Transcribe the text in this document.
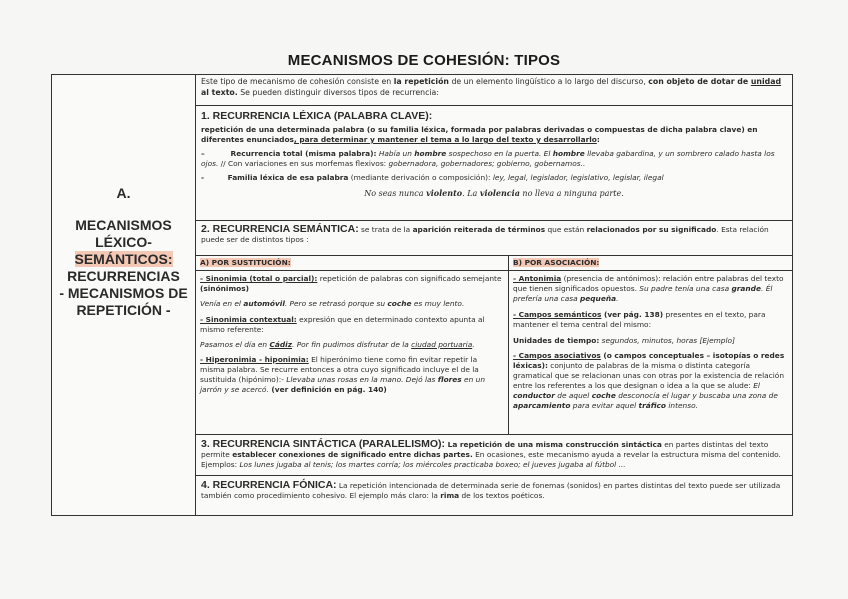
MECANISMOS DE COHESIÓN: TIPOS
A.
MECANISMOS
LÉXICO-
SEMÁNTICOS:
RECURRENCIAS
- MECANISMOS DE
REPETICIÓN -
Este tipo de mecanismo de cohesión consiste en la repetición de un elemento lingüístico a lo largo del discurso, con objeto de dotar de unidad al texto. Se pueden distinguir diversos tipos de recurrencia:
1. RECURRENCIA LÉXICA (PALABRA CLAVE):

repetición de una determinada palabra (o su familia léxica, formada por palabras derivadas o compuestas de dicha palabra clave) en diferentes enunciados, para determinar y mantener el tema a lo largo del texto y desarrollarlo:

–	Recurrencia total (misma palabra): Había un hombre sospechoso en la puerta. El hombre llevaba gabardina, y un sombrero calado hasta los ojos. // Con variaciones en sus morfemas flexivos: gobernadora, gobernadores; gobierno, gobernamos..

-	Familia léxica de esa palabra (mediante derivación o composición): ley, legal, legislador, legislativo, legislar, ilegal

No seas nunca violento. La violencia no lleva a ninguna parte.

2. RECURRENCIA SEMÁNTICA: se trata de la aparición reiterada de términos que están relacionados por su significado. Esta relación puede ser de distintos tipos :
A) POR SUSTITUCIÓN:

- Sinonimia (total o parcial): repetición de palabras con significado semejante (sinónimos)

Venía en el automóvil. Pero se retrasó porque su coche es muy lento.

- Sinonimia contextual: expresión que en determinado contexto apunta al mismo referente:

Pasamos el día en Cádiz. Por fin pudimos disfrutar de la ciudad portuaria.

- Hiperonimia - hiponimia: El hiperónimo tiene como fin evitar repetir la misma palabra. Se recurre entonces a otra cuyo significado incluye el de la sustituida (hipónimo):- Llevaba unas rosas en la mano. Dejó las flores en un jarrón y se acercó. (ver definición en pág. 140)

B) POR ASOCIACIÓN:

- Antonimia (presencia de antónimos): relación entre palabras del texto que tienen significados opuestos. Su padre tenía una casa grande. Él prefería una casa pequeña.

- Campos semánticos (ver pág. 138) presentes en el texto, para mantener el tema central del mismo:

Unidades de tiempo: segundos, minutos, horas [Ejemplo]

- Campos asociativos (o campos conceptuales – isotopías o redes léxicas): conjunto de palabras de la misma o distinta categoría gramatical que se relacionan unas con otras por la existencia de relación entre los referentes a los que designan o idea a la que se alude: El conductor de aquel coche desconocía el lugar y buscaba una zona de aparcamiento para evitar aquel tráfico intenso.

3. RECURRENCIA SINTÁCTICA (PARALELISMO): La repetición de una misma construcción sintáctica en partes distintas del texto permite establecer conexiones de significado entre dichas partes. En ocasiones, este mecanismo ayuda a revelar la estructura misma del contenido. Ejemplos: Los lunes jugaba al tenis; los martes corría; los miércoles practicaba boxeo; el jueves jugaba al fútbol ...
4. RECURRENCIA FÓNICA: La repetición intencionada de determinada serie de fonemas (sonidos) en partes distintas del texto puede ser utilizada también como procedimiento cohesivo. El ejemplo más claro: la rima de los textos poéticos.
